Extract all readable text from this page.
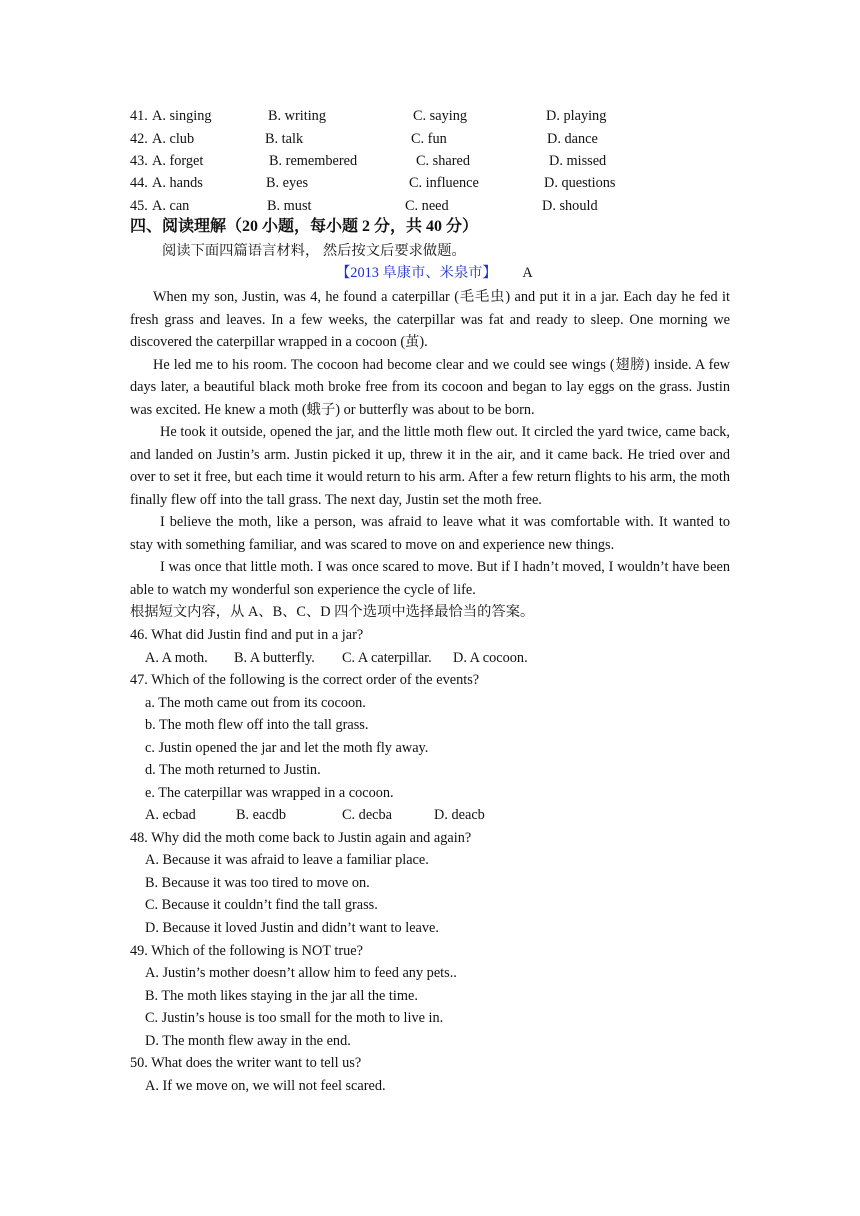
41. A. singing	B. writing	C. saying	D. playing
42. A. club	B. talk	C. fun	D. dance
43. A. forget	B. remembered	C. shared	D. missed
44. A. hands	B. eyes	C. influence	D. questions
45. A. can	B. must	C. need	D. should
四、阅读理解（20 小题，每小题 2 分，共 40 分）
阅读下面四篇语言材料， 然后按文后要求做题。
【2013 阜康市、米泉市】 A

When my son, Justin, was 4, he found a caterpillar (毛毛虫) and put it in a jar. Each day he fed it fresh grass and leaves. In a few weeks, the caterpillar was fat and ready to sleep. One morning we discovered the caterpillar wrapped in a cocoon (茧).

He led me to his room. The cocoon had become clear and we could see wings (翅膀) inside. A few days later, a beautiful black moth broke free from its cocoon and began to lay eggs on the grass. Justin was excited. He knew a moth (蛾子) or butterfly was about to be born.

He took it outside, opened the jar, and the little moth flew out. It circled the yard twice, came back, and landed on Justin’s arm. Justin picked it up, threw it in the air, and it came back. He tried over and over to set it free, but each time it would return to his arm. After a few return flights to his arm, the moth finally flew off into the tall grass. The next day, Justin set the moth free.

I believe the moth, like a person, was afraid to leave what it was comfortable with. It wanted to stay with something familiar, and was scared to move on and experience new things.

I was once that little moth. I was once scared to move. But if I hadn’t moved, I wouldn’t have been able to watch my wonderful son experience the cycle of life.

根据短文内容，从 A、B、C、D 四个选项中选择最恰当的答案。
46. What did Justin find and put in a jar?
A. A moth. B. A butterfly. C. A caterpillar. D. A cocoon.
47. Which of the following is the correct order of the events?
a. The moth came out from its cocoon.
b. The moth flew off into the tall grass.
c. Justin opened the jar and let the moth fly away.
d. The moth returned to Justin.
e. The caterpillar was wrapped in a cocoon.
A. ecbad	B. eacdb	C. decba	D. deacb
48. Why did the moth come back to Justin again and again?
A. Because it was afraid to leave a familiar place.
B. Because it was too tired to move on.
C. Because it couldn’t find the tall grass.
D. Because it loved Justin and didn’t want to leave.
49. Which of the following is NOT true?
A. Justin’s mother doesn’t allow him to feed any pets..
B. The moth likes staying in the jar all the time.
C. Justin’s house is too small for the moth to live in.
D. The month flew away in the end.
50. What does the writer want to tell us?
A. If we move on, we will not feel scared.
